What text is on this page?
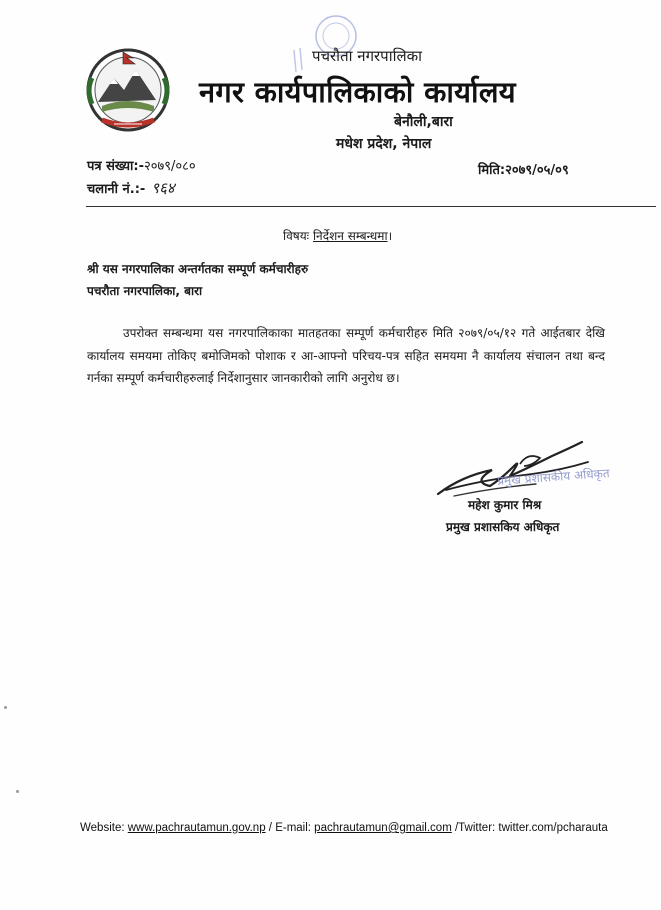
पचरौता नगरपालिका
नगर कार्यपालिकाको कार्यालय
बेनौली,बारा
मधेश प्रदेश, नेपाल
पत्र संख्या:-२०७९/०८०
चलानी नं.:- ९६४
मिति:२०७९/०५/०९
विषयः निर्देशन सम्बन्धमा।
श्री यस नगरपालिका अन्तर्गतका सम्पूर्ण कर्मचारीहरु
पचरौता नगरपालिका, बारा
उपरोक्त सम्बन्धमा यस नगरपालिकाका मातहतका सम्पूर्ण कर्मचारीहरु मिति २०७९/०५/१२ गते आईतबार देखि कार्यालय समयमा तोकिए बमोजिमको पोशाक र आ-आफ्नो परिचय-पत्र सहित समयमा नै कार्यालय संचालन तथा बन्द गर्नका सम्पूर्ण कर्मचारीहरुलाई निर्देशानुसार जानकारीको लागि अनुरोध छ।
प्रमुख प्रशासकीय अधिकृत
महेश कुमार मिश्र
प्रमुख प्रशासकिय अधिकृत
Website: www.pachrautamun.gov.np / E-mail: pachrautamun@gmail.com /Twitter: twitter.com/pcharauta
